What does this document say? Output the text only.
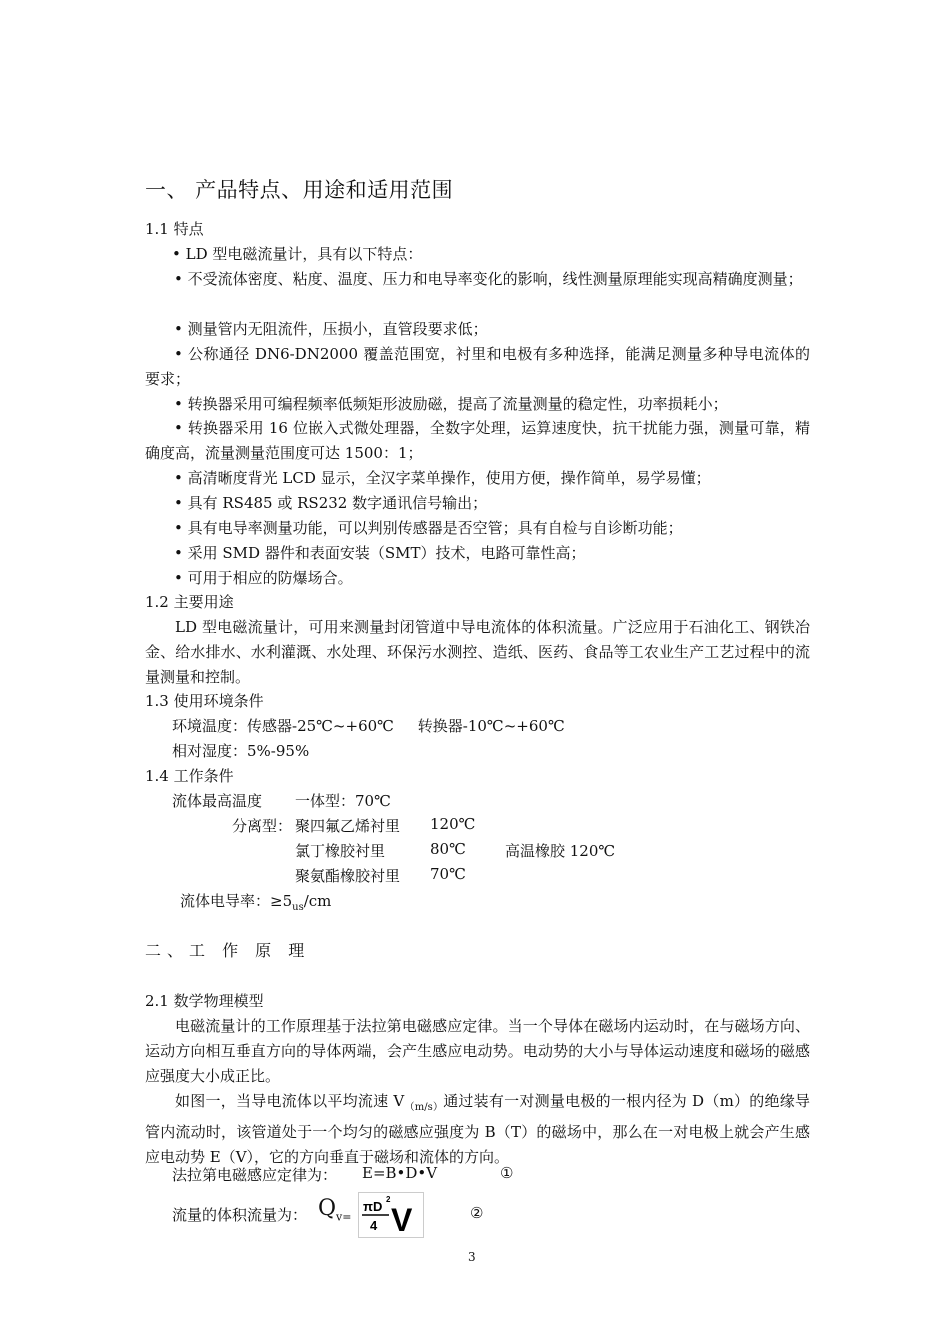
一、 产品特点、用途和适用范围
1.1 特点
• LD 型电磁流量计，具有以下特点：
• 不受流体密度、粘度、温度、压力和电导率变化的影响，线性测量原理能实现高精确度测量；
• 测量管内无阻流件，压损小，直管段要求低；
• 公称通径 DN6-DN2000 覆盖范围宽，衬里和电极有多种选择，能满足测量多种导电流体的要求；
• 转换器采用可编程频率低频矩形波励磁，提高了流量测量的稳定性，功率损耗小；
• 转换器采用 16 位嵌入式微处理器，全数字处理，运算速度快，抗干扰能力强，测量可靠，精确度高，流量测量范围度可达 1500：1；
• 高清晰度背光 LCD 显示，全汉字菜单操作，使用方便，操作简单，易学易懂；
• 具有 RS485 或 RS232 数字通讯信号输出；
• 具有电导率测量功能，可以判别传感器是否空管；具有自检与自诊断功能；
• 采用 SMD 器件和表面安装（SMT）技术，电路可靠性高；
• 可用于相应的防爆场合。
1.2 主要用途
LD 型电磁流量计，可用来测量封闭管道中导电流体的体积流量。广泛应用于石油化工、钢铁冶金、给水排水、水利灌溉、水处理、环保污水测控、造纸、医药、食品等工农业生产工艺过程中的流量测量和控制。
1.3 使用环境条件
环境温度：传感器-25℃~+60℃     转换器-10℃~+60℃
相对湿度：5%-95%
1.4 工作条件
流体最高温度 一体型：70℃
分离型： 聚四氟乙烯衬里 120℃
氯丁橡胶衬里	80℃	高温橡胶 120℃
聚氨酯橡胶衬里 70℃
流体电导率：$\ge 5_{us}/cm$
二、工 作 原 理
2.1 数学物理模型
电磁流量计的工作原理基于法拉第电磁感应定律。当一个导体在磁场内运动时，在与磁场方向、运动方向相互垂直方向的导体两端，会产生感应电动势。电动势的大小与导体运动速度和磁场的磁感应强度大小成正比。
如图一，当导电流体以平均流速 $V_{(m/s)}$通过装有一对测量电极的一根内径为 D（m）的绝缘导管内流动时，该管道处于一个均匀的磁感应强度为 B（T）的磁场中，那么在一对电极上就会产生感应电动势 E（V），它的方向垂直于磁场和流体的方向。
法拉第电磁感应定律为： E=B•D•V	①
流量的体积流量为： $Q_{v=}$
πD 2
4 V	②
3
